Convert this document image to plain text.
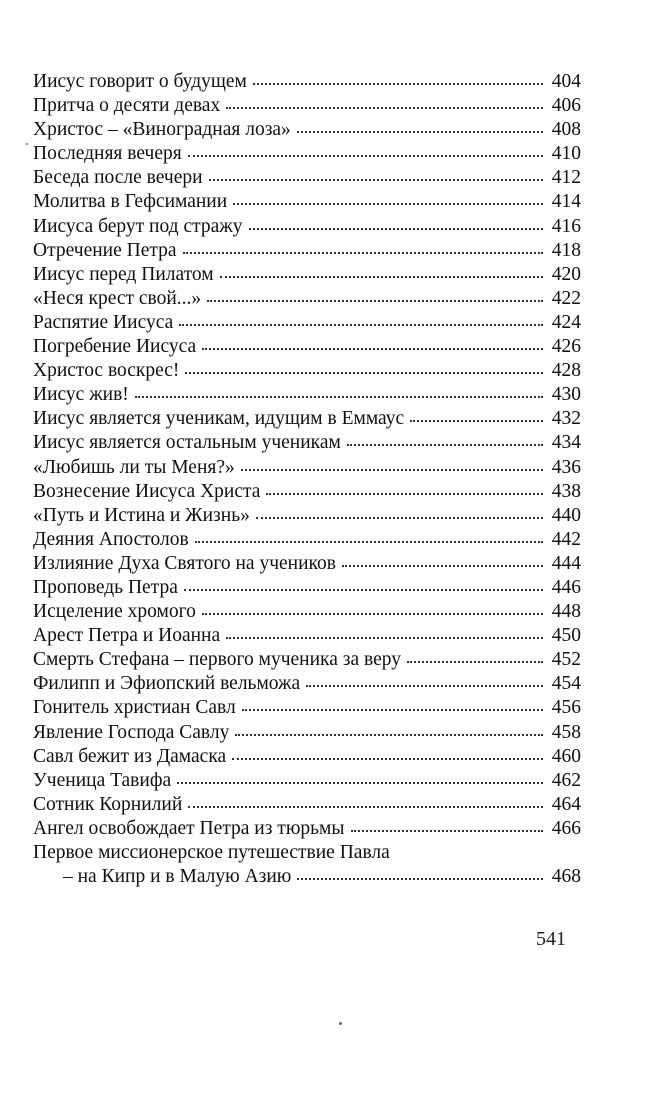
Иисус говорит о будущем	404
Притча о десяти девах	406
Христос – «Виноградная лоза»	408
Последняя вечеря	410
Беседа после вечери	412
Молитва в Гефсимании	414
Иисуса берут под стражу	416
Отречение Петра	418
Иисус перед Пилатом	420
«Неся крест свой...»	422
Распятие Иисуса	424
Погребение Иисуса	426
Христос воскрес!	428
Иисус жив!	430
Иисус является ученикам, идущим в Еммаус	432
Иисус является остальным ученикам	434
«Любишь ли ты Меня?»	436
Вознесение Иисуса Христа	438
«Путь и Истина и Жизнь»	440
Деяния Апостолов	442
Излияние Духа Святого на учеников	444
Проповедь Петра	446
Исцеление хромого	448
Арест Петра и Иоанна	450
Смерть Стефана – первого мученика за веру	452
Филипп и Эфиопский вельможа	454
Гонитель христиан Савл	456
Явление Господа Савлу	458
Савл бежит из Дамаска	460
Ученица Тавифа	462
Сотник Корнилий	464
Ангел освобождает Петра из тюрьмы	466
Первое миссионерское путешествие Павла
– на Кипр и в Малую Азию	468
541
